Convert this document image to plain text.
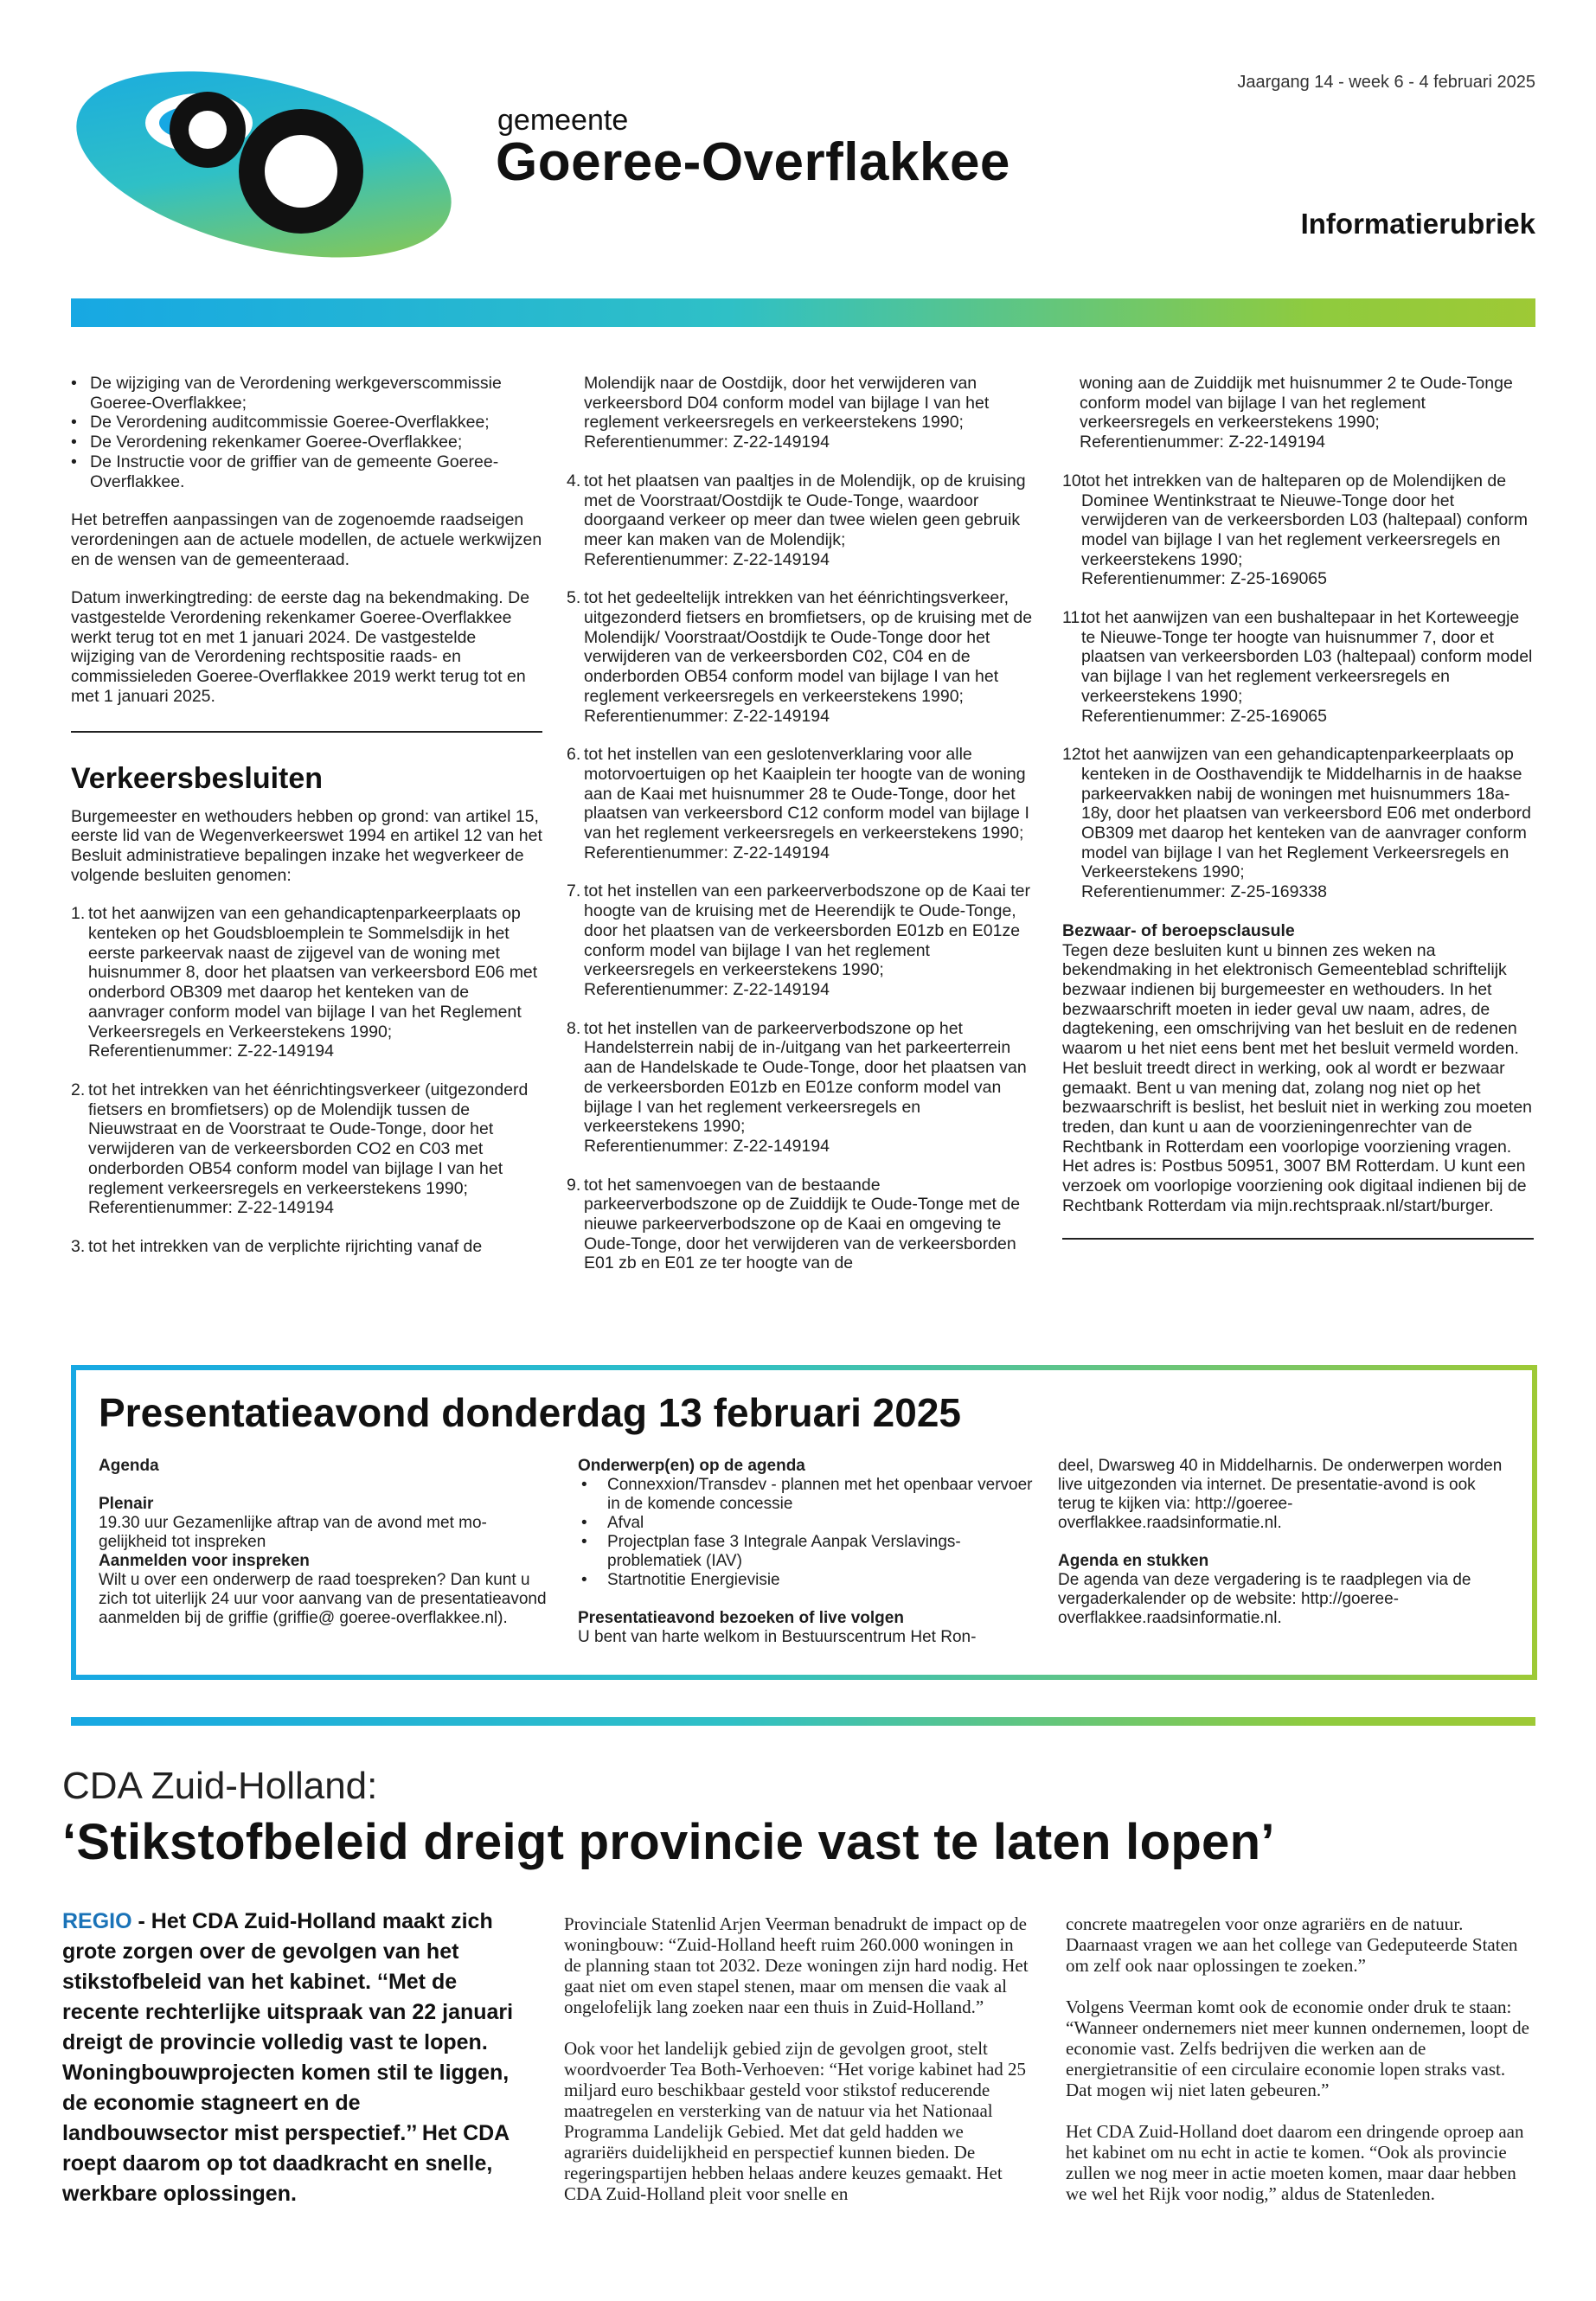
gemeente
Goeree-Overflakkee
Jaargang 14 - week 6 - 4 februari 2025
Informatierubriek
• De wijziging van de Verordening werkgeverscommissie Goeree-Overflakkee;
• De Verordening auditcommissie Goeree-Overflakkee;
• De Verordening rekenkamer Goeree-Overflakkee;
• De Instructie voor de griffier van de gemeente Goeree-Overflakkee.

Het betreffen aanpassingen van de zogenoemde raadseigen verordeningen aan de actuele modellen, de actuele werkwijzen en de wensen van de gemeenteraad.

Datum inwerkingtreding: de eerste dag na bekendmaking. De vastgestelde Verordening rekenkamer Goeree-Overflakkee werkt terug tot en met 1 januari 2024. De vastgestelde wijziging van de Verordening rechtspositie raads- en commissieleden Goeree-Overflakkee 2019 werkt terug tot en met 1 januari 2025.

Verkeersbesluiten

Burgemeester en wethouders hebben op grond: van artikel 15, eerste lid van de Wegenverkeerswet 1994 en artikel 12 van het Besluit administratieve bepalingen inzake het wegverkeer de volgende besluiten genomen:

1. tot het aanwijzen van een gehandicaptenparkeerplaats op kenteken op het Goudsbloemplein te Sommelsdijk in het eerste parkeervak naast de zijgevel van de woning met huisnummer 8, door het plaatsen van verkeersbord E06 met onderbord OB309 met daarop het kenteken van de aanvrager conform model van bijlage I van het Reglement Verkeersregels en Verkeerstekens 1990;
Referentienummer: Z-22-149194
2. tot het intrekken van het éénrichtingsverkeer (uitgezonderd fietsers en bromfietsers) op de Molendijk tussen de Nieuwstraat en de Voorstraat te Oude-Tonge, door het verwijderen van de verkeersborden CO2 en C03 met onderborden OB54 conform model van bijlage I van het reglement verkeersregels en verkeerstekens 1990;
Referentienummer: Z-22-149194
3. tot het intrekken van de verplichte rijrichting vanaf de
Molendijk naar de Oostdijk, door het verwijderen van verkeersbord D04 conform model van bijlage I van het reglement verkeersregels en verkeerstekens 1990;
Referentienummer: Z-22-149194
4. tot het plaatsen van paaltjes in de Molendijk, op de kruising met de Voorstraat/Oostdijk te Oude-Tonge, waardoor doorgaand verkeer op meer dan twee wielen geen gebruik meer kan maken van de Molendijk;
Referentienummer: Z-22-149194
5. tot het gedeeltelijk intrekken van het éénrichtingsverkeer, uitgezonderd fietsers en bromfietsers, op de kruising met de Molendijk/ Voorstraat/Oostdijk te Oude-Tonge door het verwijderen van de verkeersborden C02, C04 en de onderborden OB54 conform model van bijlage I van het reglement verkeersregels en verkeerstekens 1990;
Referentienummer: Z-22-149194
6. tot het instellen van een geslotenverklaring voor alle motorvoertuigen op het Kaaiplein ter hoogte van de woning aan de Kaai met huisnummer 28 te Oude-Tonge, door het plaatsen van verkeersbord C12 conform model van bijlage I van het reglement verkeersregels en verkeerstekens 1990;
Referentienummer: Z-22-149194
7. tot het instellen van een parkeerverbodszone op de Kaai ter hoogte van de kruising met de Heerendijk te Oude-Tonge, door het plaatsen van de verkeersborden E01zb en E01ze conform model van bijlage I van het reglement verkeersregels en verkeerstekens 1990;
Referentienummer: Z-22-149194
8. tot het instellen van de parkeerverbodszone op het Handelsterrein nabij de in-/uitgang van het parkeerterrein aan de Handelskade te Oude-Tonge, door het plaatsen van de verkeersborden E01zb en E01ze conform model van bijlage I van het reglement verkeersregels en verkeerstekens 1990;
Referentienummer: Z-22-149194
9. tot het samenvoegen van de bestaande parkeerverbodszone op de Zuiddijk te Oude-Tonge met de nieuwe parkeerverbodszone op de Kaai en omgeving te Oude-Tonge, door het verwijderen van de verkeersborden E01 zb en E01 ze ter hoogte van de
woning aan de Zuiddijk met huisnummer 2 te Oude-Tonge conform model van bijlage I van het reglement verkeersregels en verkeerstekens 1990;
Referentienummer: Z-22-149194
10.
tot het intrekken van de halteparen op de Molendijken de Dominee Wentinkstraat te Nieuwe-Tonge door het verwijderen van de verkeersborden L03 (haltepaal) conform model van bijlage I van het reglement verkeersregels en verkeerstekens 1990;
Referentienummer: Z-25-169065
11.
tot het aanwijzen van een bushaltepaar in het Korteweegje te Nieuwe-Tonge ter hoogte van huisnummer 7, door et plaatsen van verkeersborden L03 (haltepaal) conform model van bijlage I van het reglement verkeersregels en verkeerstekens 1990;
Referentienummer: Z-25-169065
12.
tot het aanwijzen van een gehandicaptenparkeerplaats op kenteken in de Oosthavendijk te Middelharnis in de haakse parkeervakken nabij de woningen met huisnummers 18a-18y, door het plaatsen van verkeersbord E06 met onderbord OB309 met daarop het kenteken van de aanvrager conform model van bijlage I van het Reglement Verkeersregels en Verkeerstekens 1990;
Referentienummer: Z-25-169338
Bezwaar- of beroepsclausule

Tegen deze besluiten kunt u binnen zes weken na bekendmaking in het elektronisch Gemeenteblad schriftelijk bezwaar indienen bij burgemeester en wethouders. In het bezwaarschrift moeten in ieder geval uw naam, adres, de dagtekening, een omschrijving van het besluit en de redenen waarom u het niet eens bent met het besluit vermeld worden. Het besluit treedt direct in werking, ook al wordt er bezwaar gemaakt. Bent u van mening dat, zolang nog niet op het bezwaarschrift is beslist, het besluit niet in werking zou moeten treden, dan kunt u aan de voorzieningenrechter van de Rechtbank in Rotterdam een voorlopige voorziening vragen. Het adres is: Postbus 50951, 3007 BM Rotterdam. U kunt een verzoek om voorlopige voorziening ook digitaal indienen bij de Rechtbank Rotterdam via mijn.rechtspraak.nl/start/burger.

Presentatieavond donderdag 13 februari 2025

Agenda

Plenair

19.30 uur Gezamenlijke aftrap van de avond met mo-gelijkheid tot inspreken

Aanmelden voor inspreken

Wilt u over een onderwerp de raad toespreken? Dan kunt u zich tot uiterlijk 24 uur voor aanvang van de presentatieavond aanmelden bij de griffie (griffie@ goeree-overflakkee.nl).

Onderwerp(en) op de agenda

• Connexxion/Transdev - plannen met het openbaar vervoer in de komende concessie
• Afval
• Projectplan fase 3 Integrale Aanpak Verslavings-problematiek (IAV)
• Startnotitie Energievisie

Presentatieavond bezoeken of live volgen

U bent van harte welkom in Bestuurscentrum Het Ron-

deel, Dwarsweg 40 in Middelharnis. De onderwerpen worden live uitgezonden via internet. De presentatie-avond is ook terug te kijken via: http://goeree-overflakkee.raadsinformatie.nl.

Agenda en stukken

De agenda van deze vergadering is te raadplegen via de vergaderkalender op de website: http://goeree-overflakkee.raadsinformatie.nl.

CDA Zuid-Holland:
‘Stikstofbeleid dreigt provincie vast te laten lopen’
REGIO - Het CDA Zuid-Holland maakt zich grote zorgen over de gevolgen van het stikstofbeleid van het kabinet. ‘‘Met de recente rechterlijke uitspraak van 22 januari dreigt de provincie volledig vast te lopen. Woningbouwprojecten komen stil te liggen, de economie stagneert en de landbouwsector mist perspectief.’’ Het CDA roept daarom op tot daadkracht en snelle, werkbare oplossingen.

Provinciale Statenlid Arjen Veerman benadrukt de impact op de woningbouw: “Zuid-Holland heeft ruim 260.000 woningen in de planning staan tot 2032. Deze woningen zijn hard nodig. Het gaat niet om even stapel stenen, maar om mensen die vaak al ongelofelijk lang zoeken naar een thuis in Zuid-Holland.”

Ook voor het landelijk gebied zijn de gevolgen groot, stelt woordvoerder Tea Both-Verhoeven: “Het vorige kabinet had 25 miljard euro beschikbaar gesteld voor stikstof reducerende maatregelen en versterking van de natuur via het Nationaal Programma Landelijk Gebied. Met dat geld hadden we agrariërs duidelijkheid en perspectief kunnen bieden. De regeringspartijen hebben helaas andere keuzes gemaakt. Het CDA Zuid-Holland pleit voor snelle en

concrete maatregelen voor onze agrariërs en de natuur. Daarnaast vragen we aan het college van Gedeputeerde Staten om zelf ook naar oplossingen te zoeken.”

Volgens Veerman komt ook de economie onder druk te staan: “Wanneer ondernemers niet meer kunnen ondernemen, loopt de economie vast. Zelfs bedrijven die werken aan de energietransitie of een circulaire economie lopen straks vast. Dat mogen wij niet laten gebeuren.”

Het CDA Zuid-Holland doet daarom een dringende oproep aan het kabinet om nu echt in actie te komen. “Ook als provincie zullen we nog meer in actie moeten komen, maar daar hebben we wel het Rijk voor nodig,” aldus de Statenleden.
